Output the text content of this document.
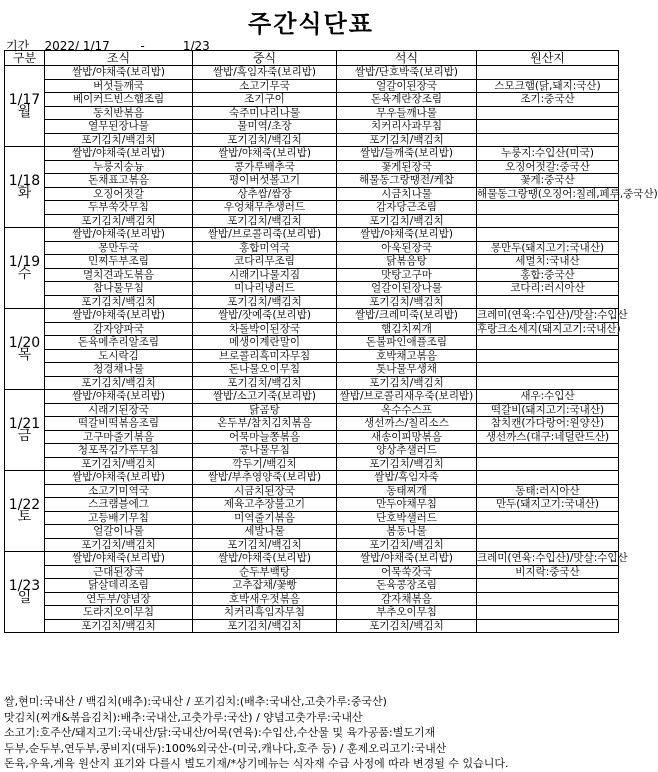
주간식단표
기간 2022/ 1/17	-	1/23
구분	조식	중식	석식	원산지

1/17
월	쌀밥/야채죽(보리밥)	쌀밥/흑임자죽(보리밥)	쌀밥/단호박죽(보리밥)	
	버섯들깨국	소고기무국	얼갈이된장국	스모크햄(닭,돼지:국산)
	베이커드빈스햄조림	조기구이	돈육계란장조림	조기:중국산
	동치반볶음	숙주미나리나물	무우들깨나물	
	열무된장나물	물미역/초장	치커리사과무침	
	포기김치/백김치	포기김치/백김치	포기김치/백김치	

1/18
화	쌀밥/야채죽(보리밥)	쌀밥/야채죽(보리밥)	쌀밥/들깨죽(보리밥)	누룽지:수입산(미국)
	누룽지숭늉	콩가루배추국	꽃게된장국	오징어젓갈:중국산
	돈채표고볶음	평이버섯볼고기	해물동그랑땡전/케찹	꽃게:중국산
	오징어젓갈	상추쌈/쌈장	시금치나물	해물동그랑땡(오징어:칠레,페루,중국산)
	두부쑥갓무침	우엉채무추생러드	감자당근조림	
	포기김치/백김치	포기김치/백김치	포기김치/백김치	

1/19
수	쌀밥/야채죽(보리밥)	쌀밥/브로콜리죽(보리밥)	쌀밥/야채죽(보리밥)	
	몽만두국	홍합미역국	아욱된장국	몽만두(돼지고기:국내산)
	민찌두부조림	코다리무조림	닭볶음탕	세멸치:국내산
	멸치견과도볶음	시래기나물지짐	맛탕고구마	홍합:중국산
	참나물무침	미나리냉러드	얼갈이된장나물	코다리:러시아산
	포기김치/백김치	포기김치/백김치	포기김치/백김치	

1/20
목	쌀밥/야채죽(보리밥)	쌀밥/잣예죽(보리밥)	쌀밥/크레미죽(보리밥)	크레미(연육:수입산)/맛살:수입산
	감자양파국	차돌박이된장국	햄김치찌개	후랑크소세지(돼지고기:국내산)
	돈육메추리알조림	메생이계란말이	돈불파인애플조림	
	도시락김	브로콜리흑미자무침	호박채고볶음	
	청경채나물	돈나물오이무침	톳나물무생채	
	포기김치/백김치	포기김치/백김치	포기김치/백김치	

1/21
금	쌀밥/야채죽(보리밥)	쌀밥/소고기죽(보리밥)	쌀밥/브로콜리새우죽(보리밥)	새우:수입산
	시래기된장국	닭곰탕	옥수수스프	떡갈비(돼지고기:국내산)
	떡갈비떡볶음조림	온두부/참치김치볶음	생선까스/칠리소스	참치캔(가다랑어:원양산)
	고구마줄기볶음	어묵마늘쫑볶음	새송이피망볶음	생선까스(대구:네덜란드산)
	청포묵김가루무침	콩나물무침	양상추샐러드	
	포기김치/백김치	깍두기/백김치	포기김치/백김치	

1/22
토	쌀밥/야채죽(보리밥)	쌀밥/부추영양죽(보리밥)	쌀밥/흑임자죽	
	소고기미역국	시금치된장국	동태찌개	동태:러시아산
	스크램블에그	제육고추장불고기	만두야채무침	만두(돼지고기:국내산)
	고등배기무침	미역줄기볶음	단호박샐러드	
	얼갈이나물	세발나물	봄동나물	
	포기김치/백김치	포기김치/백김치	포기김치/백김치	

1/23
일	쌀밥/야채죽(보리밥)	쌀밥/야채죽(보리밥)	쌀밥/야채죽(보리밥)	크레미(연육:수입산)/맛살:수입산
	근대된장국	순두부백탕	어묵쑥갓국	비지락:중국산
	닭살데리조림	고추잡채/꽃빵	돈육콩장조림	
	연두부/양념장	호박새우젓볶음	감자채볶음	
	도라지오이무침	치커리흑임자무침	부추오이무침	
	포기김치/백김치	포기김치/백김치	포기김치/백김치	
쌀,현미:국내산 / 백김치(배추):국내산 / 포기김치:(배추:국내산,고춧가루:중국산)
맛김치(찌개&볶음김치):배추:국내산,고춧가루:국산) / 양념고춧가루:국내산
소고기:호주산/돼지고기:국내산/닭:국내산/어묵(연육):수입산,수산물 및 육가공품:별도기재
두부,순두부,연두부,콩비지(대두):100%외국산-(미국,캐나다,호주 등) / 훈제오리고기:국내산
돈육,우육,계육 원산지 표기와 다를시 별도기재/*상기메뉴는 식자재 수급 사정에 따라 변경될 수 있습니다.
